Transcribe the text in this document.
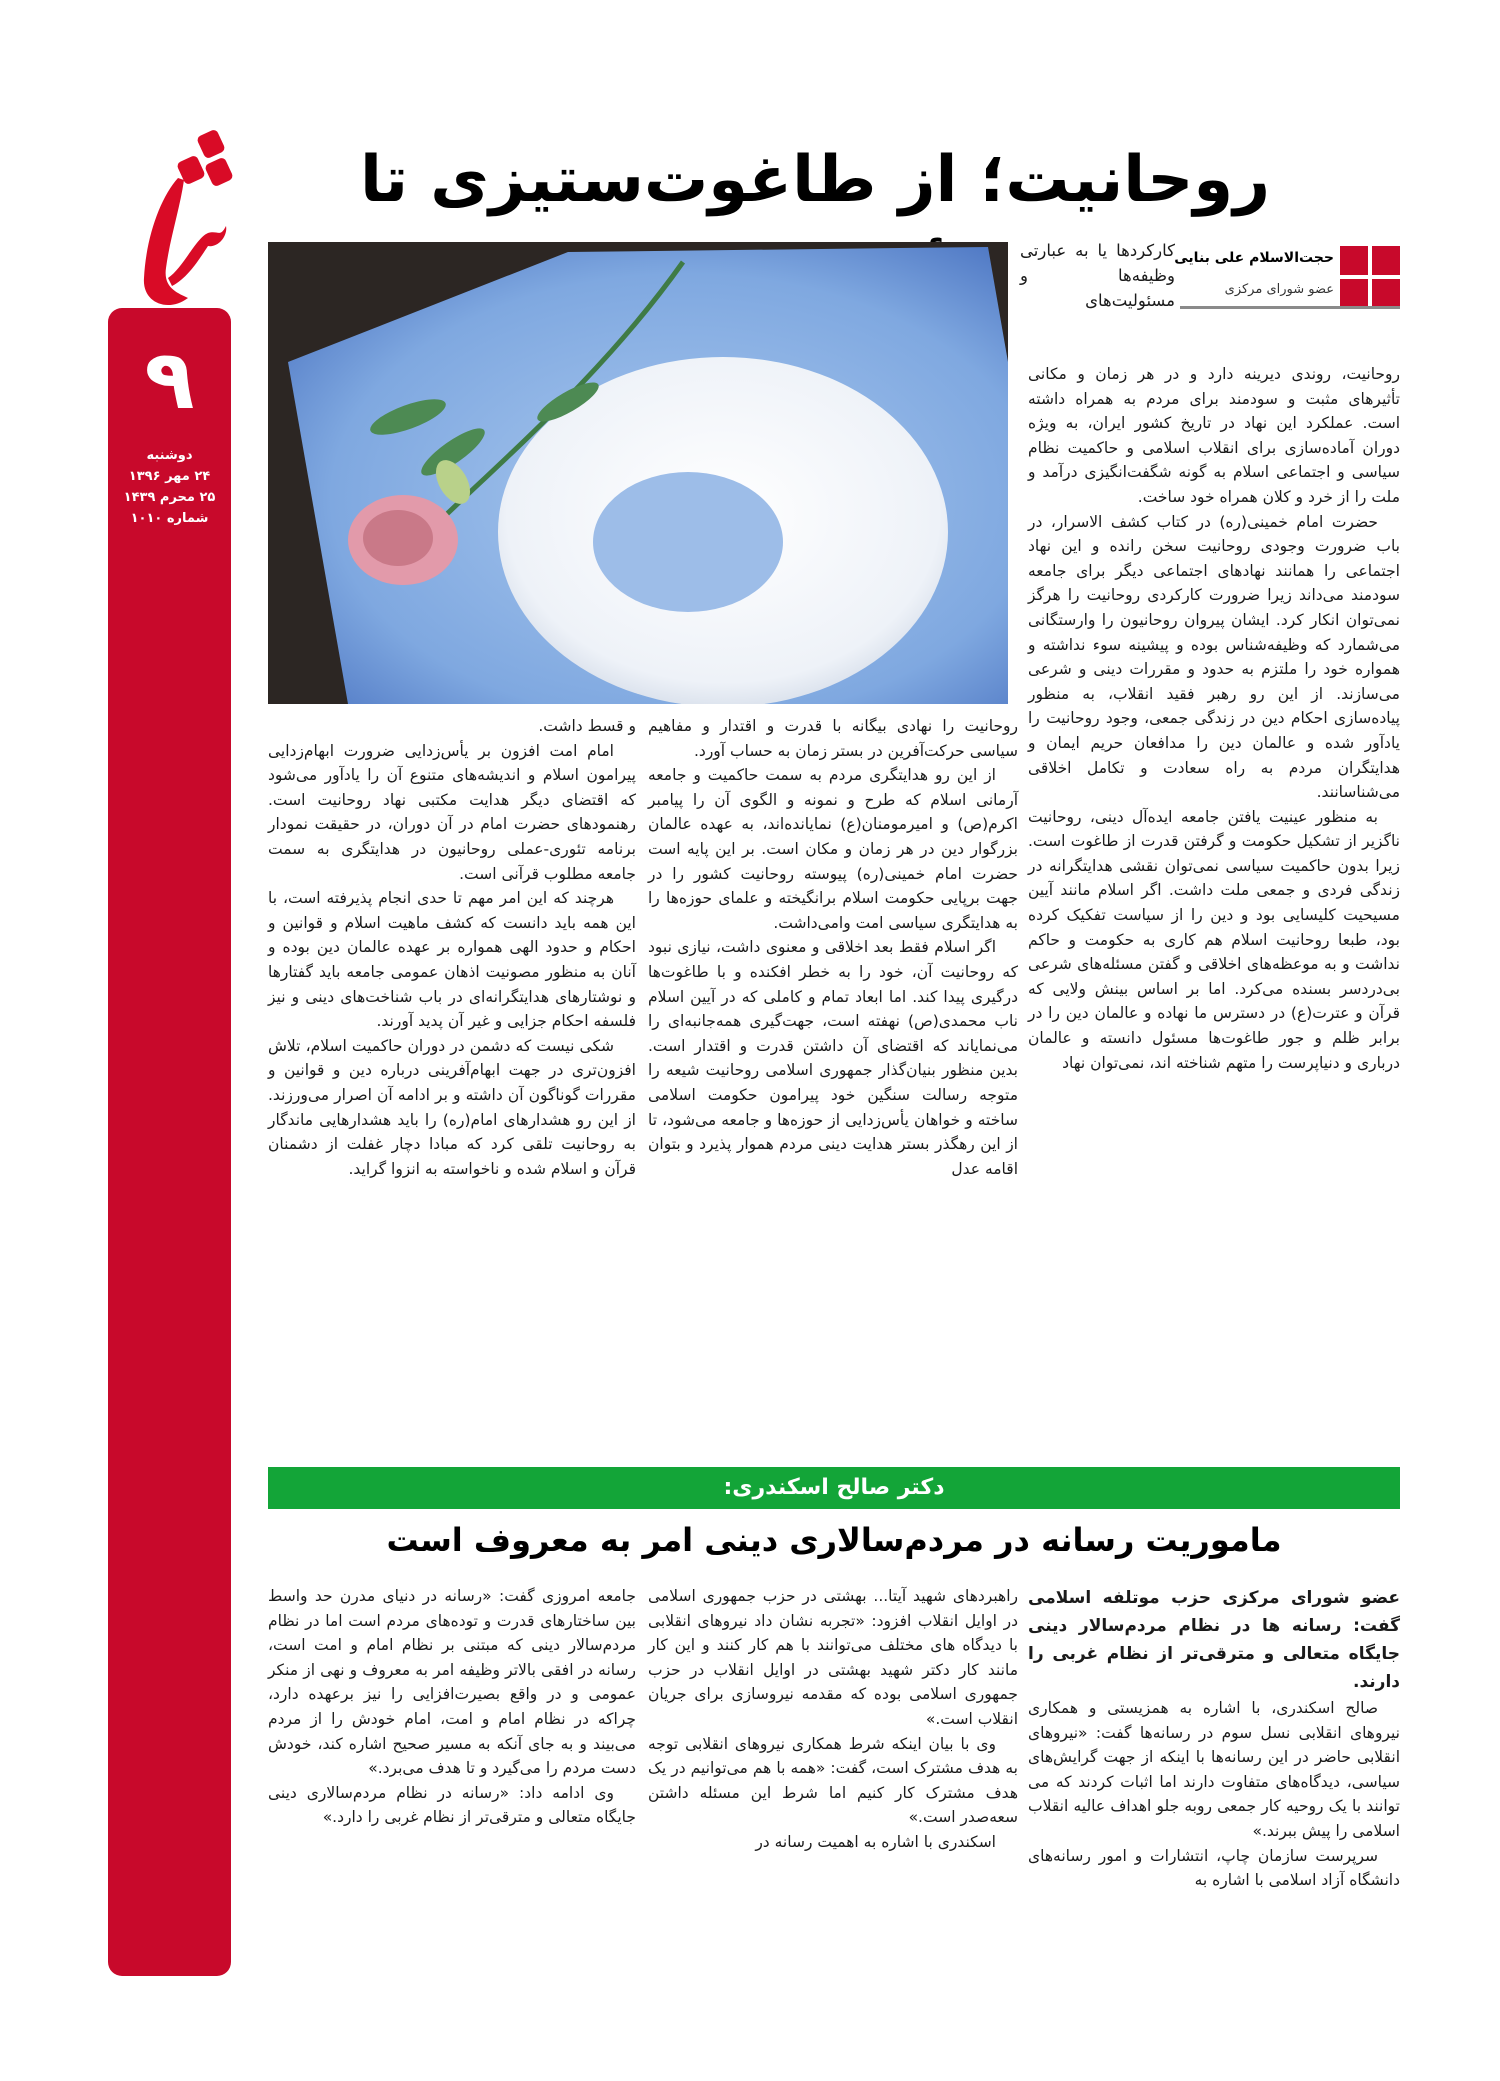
۹
دوشنبه
۲۴ مهر ۱۳۹۶
۲۵ محرم ۱۴۳۹
شماره ۱۰۱۰
روحانیت؛ از طاغوت‌ستیزی تا
حجت‌الاسلام علی بنایی
عضو شورای مرکزی

کارکردها یا به عبارتی وظیفه‌ها و مسئولیت‌های

روحانیت، روندی دیرینه دارد و در هر زمان و مکانی تأثیرهای مثبت و سودمند برای مردم به همراه داشته است. عملکرد این نهاد در تاریخ کشور ایران، به ویژه دوران آماده‌سازی برای انقلاب اسلامی و حاکمیت نظام سیاسی و اجتماعی اسلام به گونه شگفت‌انگیزی درآمد و ملت را از خرد و کلان همراه خود ساخت.

حضرت امام خمینی(ره) در کتاب کشف الاسرار، در باب ضرورت وجودی روحانیت سخن رانده و این نهاد اجتماعی را همانند نهادهای اجتماعی دیگر برای جامعه سودمند می‌داند زیرا ضرورت کارکردی روحانیت را هرگز نمی‌توان انکار کرد. ایشان پیروان روحانیون را وارستگانی می‌شمارد که وظیفه‌شناس بوده و پیشینه سوء نداشته و همواره خود را ملتزم به حدود و مقررات دینی و شرعی می‌سازند. از این رو رهبر فقید انقلاب، به منظور پیاده‌سازی احکام دین در زندگی جمعی، وجود روحانیت را یادآور شده و عالمان دین را مدافعان حریم ایمان و هدایتگران مردم به راه سعادت و تکامل اخلاقی می‌شناسانند.

به منظور عینیت یافتن جامعه ایده‌آل دینی، روحانیت ناگزیر از تشکیل حکومت و گرفتن قدرت از طاغوت است. زیرا بدون حاکمیت سیاسی نمی‌توان نقشی هدایتگرانه در زندگی فردی و جمعی ملت داشت. اگر اسلام مانند آیین مسیحیت کلیسایی بود و دین را از سیاست تفکیک کرده بود، طبعا روحانیت اسلام هم کاری به حکومت و حاکم نداشت و به موعظه‌های اخلاقی و گفتن مسئله‌های شرعی بی‌دردسر بسنده می‌کرد. اما بر اساس بینش ولایی که قرآن و عترت(ع) در دسترس ما نهاده و عالمان دین را در برابر ظلم و جور طاغوت‌ها مسئول دانسته و عالمان درباری و دنیاپرست را متهم شناخته اند، نمی‌توان نهاد

روحانیت را نهادی بیگانه با قدرت و اقتدار و مفاهیم سیاسی حرکت‌آفرین در بستر زمان به حساب آورد.

از این رو هدایتگری مردم به سمت حاکمیت و جامعه آرمانی اسلام که طرح و نمونه و الگوی آن را پیامبر اکرم(ص) و امیرمومنان(ع) نمایانده‌اند، به عهده عالمان بزرگوار دین در هر زمان و مکان است. بر این پایه است حضرت امام خمینی(ره) پیوسته روحانیت کشور را در جهت برپایی حکومت اسلام برانگیخته و علمای حوزه‌ها را به هدایتگری سیاسی امت وامی‌داشت.

اگر اسلام فقط بعد اخلاقی و معنوی داشت، نیازی نبود که روحانیت آن، خود را به خطر افکنده و با طاغوت‌ها درگیری پیدا کند. اما ابعاد تمام و کاملی که در آیین اسلام ناب محمدی(ص) نهفته است، جهت‌گیری همه‌جانبه‌ای را می‌نمایاند که اقتضای آن داشتن قدرت و اقتدار است. بدین منظور بنیان‌گذار جمهوری اسلامی روحانیت شیعه را متوجه رسالت سنگین خود پیرامون حکومت اسلامی ساخته و خواهان یأس‌زدایی از حوزه‌ها و جامعه می‌شود، تا از این رهگذر بستر هدایت دینی مردم هموار پذیرد و بتوان اقامه عدل

و قسط داشت.

امام امت افزون بر یأس‌زدایی ضرورت ابهام‌زدایی پیرامون اسلام و اندیشه‌های متنوع آن را یادآور می‌شود که اقتضای دیگر هدایت مکتبی نهاد روحانیت است. رهنمودهای حضرت امام در آن دوران، در حقیقت نمودار برنامه تئوری-عملی روحانیون در هدایتگری به سمت جامعه مطلوب قرآنی است.

هرچند که این امر مهم تا حدی انجام پذیرفته است، با این همه باید دانست که کشف ماهیت اسلام و قوانین و احکام و حدود الهی همواره بر عهده عالمان دین بوده و آنان به منظور مصونیت اذهان عمومی جامعه باید گفتارها و نوشتارهای هدایتگرانه‌ای در باب شناخت‌های دینی و نیز فلسفه احکام جزایی و غیر آن پدید آورند.

شکی نیست که دشمن در دوران حاکمیت اسلام، تلاش افزون‌تری در جهت ابهام‌آفرینی درباره دین و قوانین و مقررات گوناگون آن داشته و بر ادامه آن اصرار می‌ورزند. از این رو هشدارهای امام(ره) را باید هشدارهایی ماندگار به روحانیت تلقی کرد که مبادا دچار غفلت از دشمنان قرآن و اسلام شده و ناخواسته به انزوا گراید.

دکتر صالح اسکندری:
ماموریت رسانه در مردم‌سالاری دینی امر به معروف است

عضو شورای مرکزی حزب موتلفه اسلامی گفت: رسانه ها در نظام مردم‌سالار دینی جایگاه متعالی و مترقی‌تر از نظام غربی را دارند.

صالح اسکندری، با اشاره به همزیستی و همکاری نیروهای انقلابی نسل سوم در رسانه‌ها گفت: «نیروهای انقلابی حاضر در این رسانه‌ها با اینکه از جهت گرایش‌های سیاسی، دیدگاه‌های متفاوت دارند اما اثبات کردند که می توانند با یک روحیه کار جمعی روبه جلو اهداف عالیه انقلاب اسلامی را پیش ببرند.»

سرپرست سازمان چاپ، انتشارات و امور رسانه‌های دانشگاه آزاد اسلامی با اشاره به

راهبردهای شهید آیتا... بهشتی در حزب جمهوری اسلامی در اوایل انقلاب افزود: «تجربه نشان داد نیروهای انقلابی با دیدگاه های مختلف می‌توانند با هم کار کنند و این کار مانند کار دکتر شهید بهشتی در اوایل انقلاب در حزب جمهوری اسلامی بوده که مقدمه نیروسازی برای جریان انقلاب است.»

وی با بیان اینکه شرط همکاری نیروهای انقلابی توجه به هدف مشترک است، گفت: «همه با هم می‌توانیم در یک هدف مشترک کار کنیم اما شرط این مسئله داشتن سعه‌صدر است.»

اسکندری با اشاره به اهمیت رسانه در

جامعه امروزی گفت: «رسانه در دنیای مدرن حد واسط بین ساختارهای قدرت و توده‌های مردم است اما در نظام مردم‌سالار دینی که مبتنی بر نظام امام و امت است، رسانه در افقی بالاتر وظیفه امر به معروف و نهی از منکر عمومی و در واقع بصیرت‌افزایی را نیز برعهده دارد، چراکه در نظام امام و امت، امام خودش را از مردم می‌بیند و به جای آنکه به مسیر صحیح اشاره کند، خودش دست مردم را می‌گیرد و تا هدف می‌برد.»

وی ادامه داد: «رسانه در نظام مردم‌سالاری دینی جایگاه متعالی و مترقی‌تر از نظام غربی را دارد.»
